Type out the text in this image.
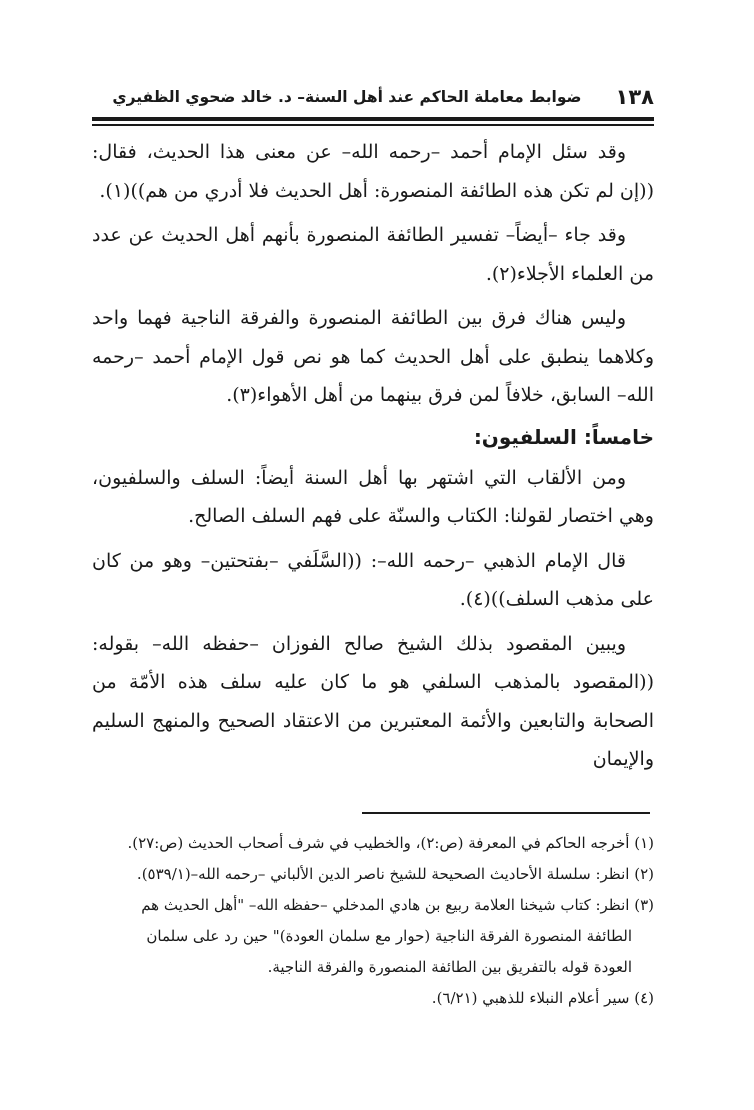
١٣٨
ضوابط معاملة الحاكم عند أهل السنة– د. خالد ضحوي الظفيري

وقد سئل الإمام أحمد –رحمه الله– عن معنى هذا الحديث، فقال: ((إن لم تكن هذه الطائفة المنصورة: أهل الحديث فلا أدري من هم))(١).

وقد جاء –أيضاً– تفسير الطائفة المنصورة بأنهم أهل الحديث عن عدد من العلماء الأجلاء(٢).

وليس هناك فرق بين الطائفة المنصورة والفرقة الناجية فهما واحد وكلاهما ينطبق على أهل الحديث كما هو نص قول الإمام أحمد –رحمه الله– السابق، خلافاً لمن فرق بينهما من أهل الأهواء(٣).

خامساً: السلفيون:

ومن الألقاب التي اشتهر بها أهل السنة أيضاً: السلف والسلفيون، وهي اختصار لقولنا: الكتاب والسنّة على فهم السلف الصالح.

قال الإمام الذهبي –رحمه الله–: ((السَّلَفي –بفتحتين– وهو من كان على مذهب السلف))(٤).

ويبين المقصود بذلك الشيخ صالح الفوزان –حفظه الله– بقوله: ((المقصود بالمذهب السلفي هو ما كان عليه سلف هذه الأمّة من الصحابة والتابعين والأئمة المعتبرين من الاعتقاد الصحيح والمنهج السليم والإيمان

(١) أخرجه الحاكم في المعرفة (ص:٢)، والخطيب في شرف أصحاب الحديث (ص:٢٧).

(٢) انظر: سلسلة الأحاديث الصحيحة للشيخ ناصر الدين الألباني –رحمه الله–(٥٣٩/١).

(٣) انظر: كتاب شيخنا العلامة ربيع بن هادي المدخلي –حفظه الله– "أهل الحديث هم

الطائفة المنصورة الفرقة الناجية (حوار مع سلمان العودة)" حين رد على سلمان

العودة قوله بالتفريق بين الطائفة المنصورة والفرقة الناجية.

(٤) سير أعلام النبلاء للذهبي (٦/٢١).
